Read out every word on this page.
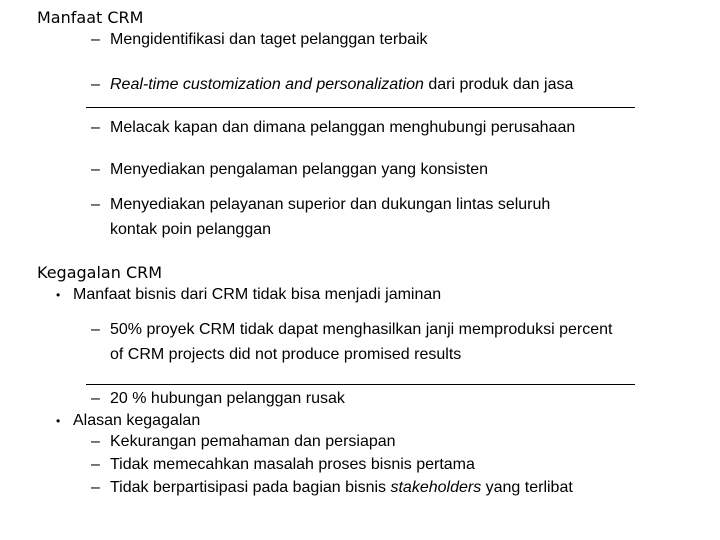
Manfaat CRM
– Mengidentifikasi dan taget pelanggan terbaik
– Real-time customization and personalization dari produk dan jasa
– Melacak kapan dan dimana pelanggan menghubungi perusahaan
– Menyediakan pengalaman pelanggan yang konsisten
– Menyediakan pelayanan superior dan dukungan lintas seluruh
kontak poin pelanggan
Kegagalan CRM
• Manfaat bisnis dari CRM tidak bisa menjadi jaminan
– 50% proyek CRM tidak dapat menghasilkan janji memproduksi percent
of CRM projects did not produce promised results
– 20 % hubungan pelanggan rusak
• Alasan kegagalan
– Kekurangan pemahaman dan persiapan
– Tidak memecahkan masalah proses bisnis pertama
– Tidak berpartisipasi pada bagian bisnis stakeholders yang terlibat
